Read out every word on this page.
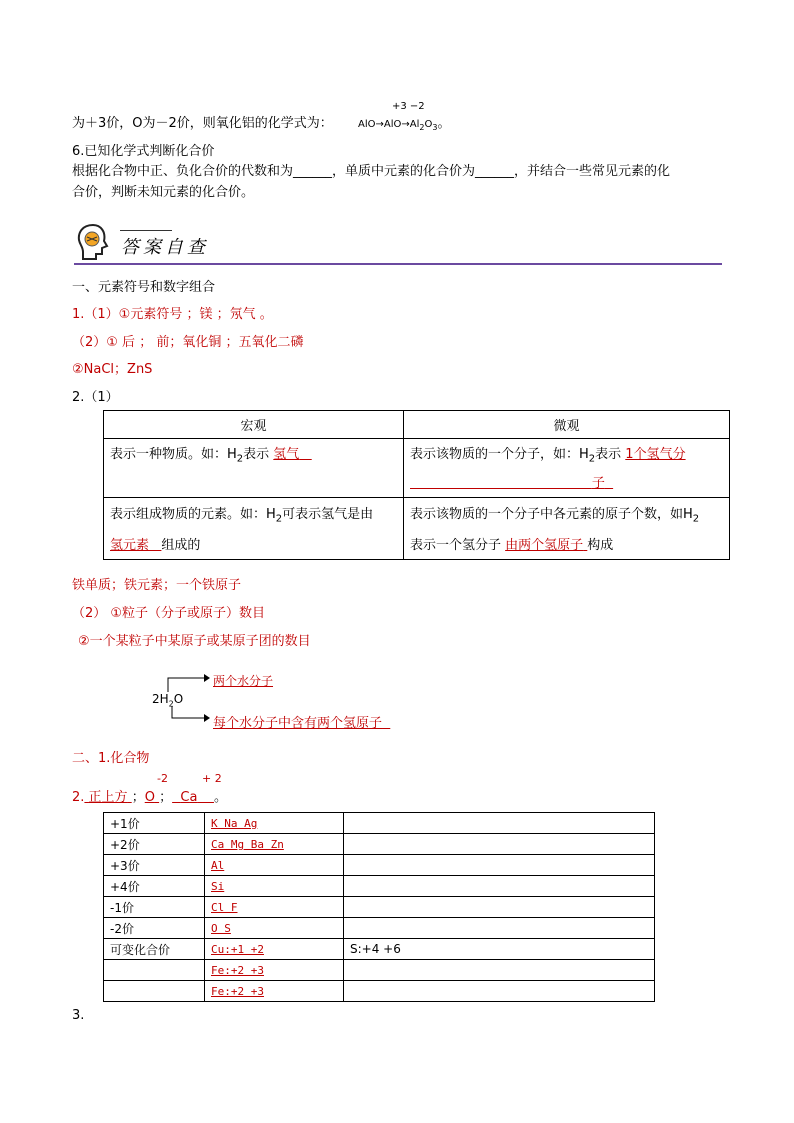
为＋3价，O为－2价，则氧化铝的化学式为：
+3 −2
$AlO\to AlO\to Al_2O_3$。
6.已知化学式判断化合价
根据化合物中正、负化合价的代数和为______，单质中元素的化合价为______，并结合一些常见元素的化
合价，判断未知元素的化合价。
答案自查
一、元素符号和数字组合
1.（1）①元素符号 ；镁 ；氖气 。
（2）① 后 ； 前；氧化铜 ；五氧化二磷
②NaCl；ZnS
2.（1）
宏观	微观
表示一种物质。如：$H_2$表示 氢气	表示该物质的一个分子，如：$H_2$表示 1个氢气分
子
表示组成物质的元素。如：$H_2$可表示氢气是由
氢元素 组成的	表示该物质的一个分子中各元素的原子个数，如$H_2$
表示一个氢分子 由两个氢原子 构成
铁单质；铁元素；一个铁原子
（2） ①粒子（分子或原子）数目
②一个某粒子中某原子或某原子团的数目
$2H_2O$
两个水分子
每个水分子中含有两个氢原子
二、1.化合物
2. 正上方 ；O ； Ca 。
-2	+ 2
+1价	K Na Ag	
+2价	Ca Mg Ba Zn	
+3价	Al	
+4价	Si	
-1价	Cl F	
-2价	O S	
可变化合价	Cu:+1 +2	S:+4 +6
	Fe:+2 +3	
	Fe:+2 +3	
3.
